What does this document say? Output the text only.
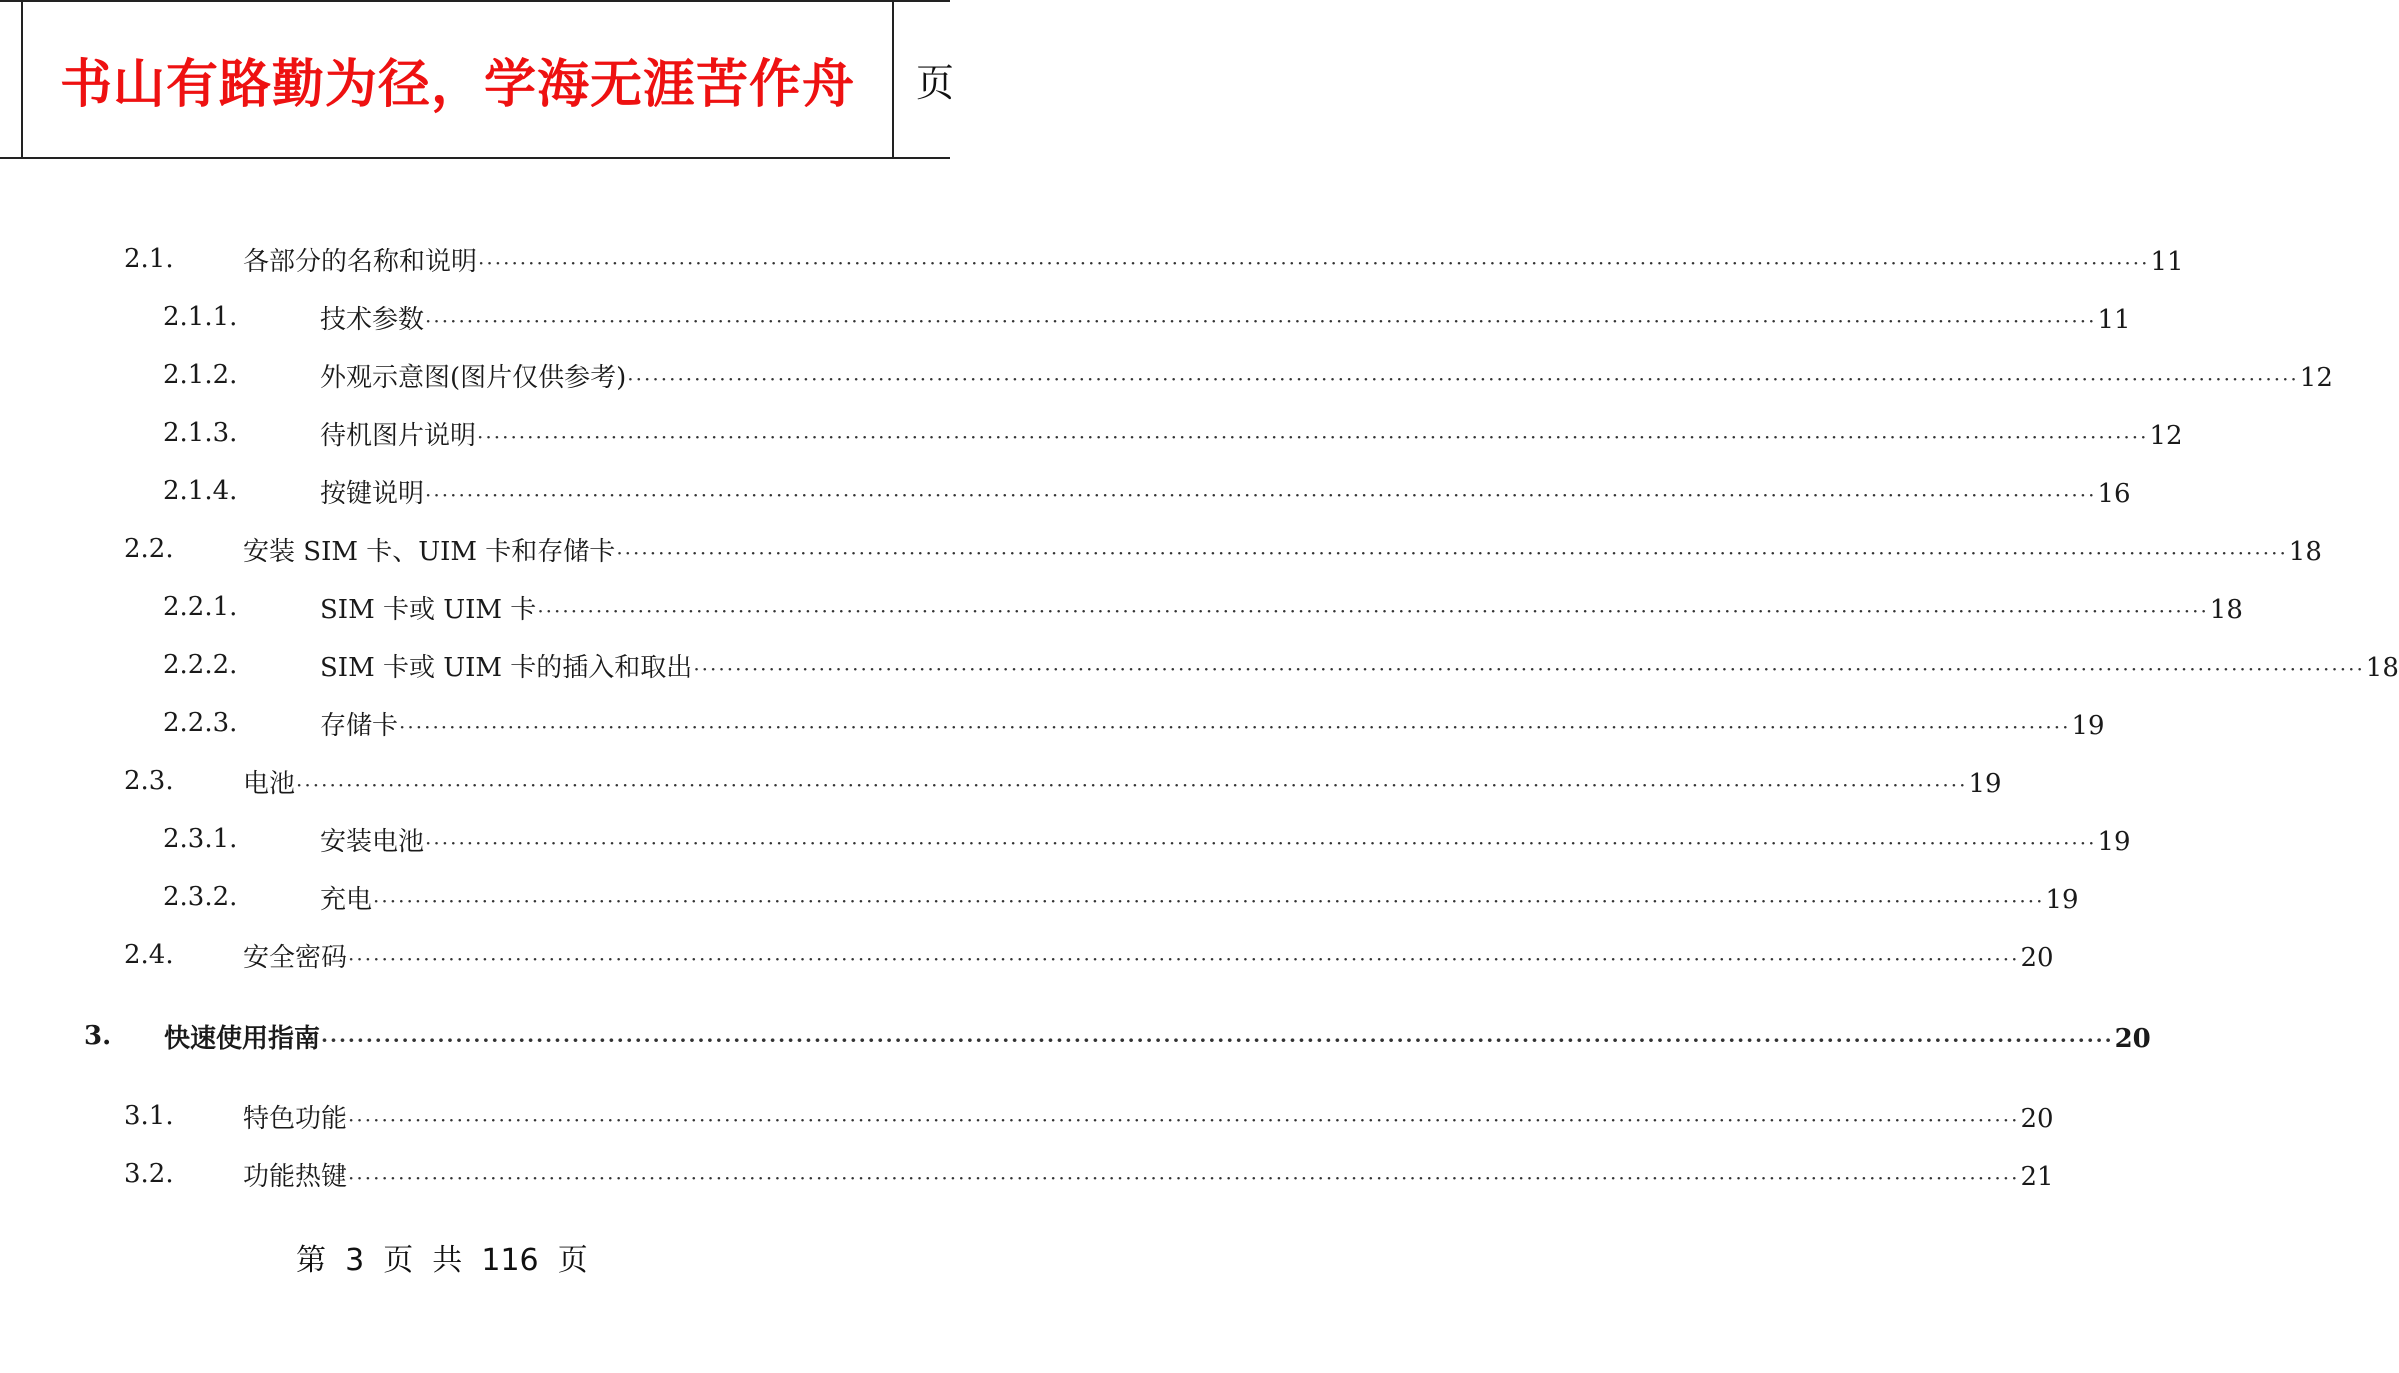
书山有路勤为径，学海无涯苦作舟	页
2.1.	各部分的名称和说明 ········································································································································································································ 11
2.1.1.	技术参数 ········································································································································································································ 11
2.1.2.	外观示意图(图片仅供参考) ········································································································································································································ 12
2.1.3.	待机图片说明 ········································································································································································································ 12
2.1.4.	按键说明 ········································································································································································································ 16
2.2.	安装 SIM 卡、UIM 卡和存储卡 ········································································································································································································ 18
2.2.1.	SIM 卡或 UIM 卡 ········································································································································································································ 18
2.2.2.	SIM 卡或 UIM 卡的插入和取出 ········································································································································································································ 18
2.2.3.	存储卡 ········································································································································································································ 19
2.3.	电池 ········································································································································································································ 19
2.3.1.	安装电池 ········································································································································································································ 19
2.3.2.	充电 ········································································································································································································ 19
2.4.	安全密码 ········································································································································································································ 20
3. 快速使用指南 ········································································································································································································ 20
3.1.	特色功能 ········································································································································································································ 20
3.2.	功能热键 ········································································································································································································ 21
第  3  页  共  116  页
